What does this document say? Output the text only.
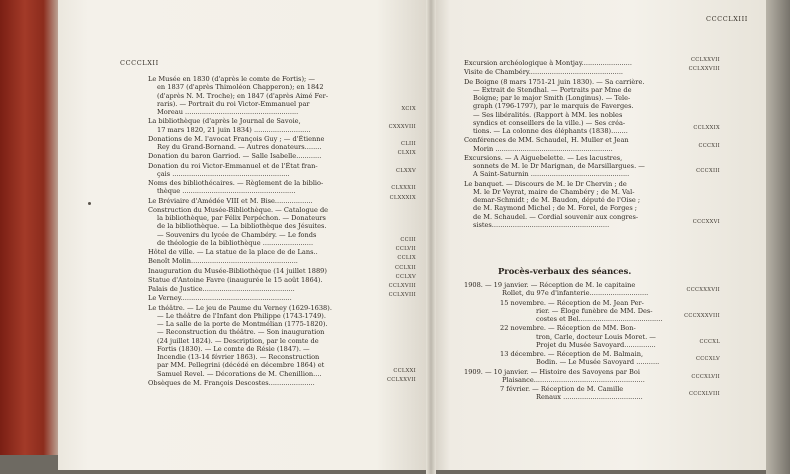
CCCCLXII
CCCCLXIII
Le Musée en 1830 (d'après le comte de Fortis); —
en 1837 (d'après Thimoléon Chapperon); en 1842
(d'après N. M. Troche); en 1847 (d'après Aimé Fer-
raris). — Portrait du roi Victor-Emmanuel par
Moreau ......................................................	XCIX
La bibliothèque (d'après le Journal de Savoie,
17 mars 1820, 21 juin 1834) ...........................	CXXXVIII
Donations de M. l'avocat François Guy ; — d'Étienne
Rey du Grand-Bornand. — Autres donateurs........	CLIII
Donation du baron Garriod. — Salle Isabelle............	CLXIX
Donation du roi Victor-Emmanuel et de l'État fran-
çais ........................................................	CLXXV
Noms des bibliothécaires. — Règlement de la biblio-
thèque ......................................................	CLXXXII
Le Bréviaire d'Amédée VIII et M. Bise..................	CLXXXIX
Construction du Musée-Bibliothèque. — Catalogue de
la bibliothèque, par Félix Perpéchon. — Donateurs
de la bibliothèque. — La bibliothèque des Jésuites.
— Souvenirs du lycée de Chambéry. — Le fonds
de théologie de la bibliothèque ........................	CCIII
Hôtel de ville. — La statue de la place de de Lans..	CCLVII
Benoît Molin...................................................	CCLIX
Inauguration du Musée-Bibliothèque (14 juillet 1889)	CCLXII
Statue d'Antoine Favre (inaugurée le 15 août 1864).	CCLXV
Palais de Justice............................................	CCLXVIII
Le Verney.....................................................	CCLXVIII
Le théâtre. — Le jeu de Paume du Verney (1629-1638).
— Le théâtre de l'Infant don Philippe (1743-1749).
— La salle de la porte de Montmélian (1775-1820).
— Reconstruction du théâtre. — Son inauguration
(24 juillet 1824). — Description, par le comte de
Fortis (1830). — Le comte de Résie (1847). —
Incendie (13-14 février 1863). — Reconstruction
par MM. Pellegrini (décédé en décembre 1864) et
Samuel Revel. — Décorations de M. Chenillion....	CCLXXI
Obsèques de M. François Descostes......................	CCLXXVII
Excursion archéologique à Montjay........................	CCLXXVII
Visite de Chambéry.............................................	CCLXXVIII
De Boigne (8 mars 1751-21 juin 1830). — Sa carrière.
— Extrait de Stendhal. — Portraits par Mme de
Boigne; par le major Smith (Longinus). — Tele-
graph (1796-1797), par le marquis de Faverges.
— Ses libéralités. (Rapport à MM. les nobles
syndics et conseillers de la ville.) — Ses créa-
tions. — La colonne des éléphants (1838)........	CCLXXIX
Conférences de MM. Schaudel, H. Muller et Jean
Morin ........................................................	CCCXII
Excursions. — A Aiguebelette. — Les lacustres,
sonnets de M. le Dr Marignan, de Marsillargues. —
A Saint-Saturnin ...............................................	CCCXIII
Le banquet. — Discours de M. le Dr Chervin ; de
M. le Dr Veyrat, maire de Chambéry ; de M. Val-
demar-Schmidt ; de M. Baudon, député de l'Oise ;
de M. Raymond Michel ; de M. Forel, de Forges ;
de M. Schaudel. — Cordial souvenir aux congres-
sistes........................................................	CCCXXVI
Procès-verbaux des séances.
1908. — 19 janvier. — Réception de M. le capitaine
Rollet, du 97e d'infanterie............................	CCCXXXVII
15 novembre. — Réception de M. Jean Per-
rier. — Éloge funèbre de MM. Des-
costes et Bel........................................	CCCXXXVIII
22 novembre. — Réception de MM. Bon-
tron, Carle, docteur Louis Moret. —
Projet du Musée Savoyard...............	CCCXL
13 décembre. — Réception de M. Balmain,
Bodin. — Le Musée Savoyard ...........	CCCXLV
1909. — 10 janvier. — Histoire des Savoyens par Boi
Plaisance.....................................................	CCCXLVII
7 février. — Réception de M. Camille
Renaux ......................................	CCCXLVIII
